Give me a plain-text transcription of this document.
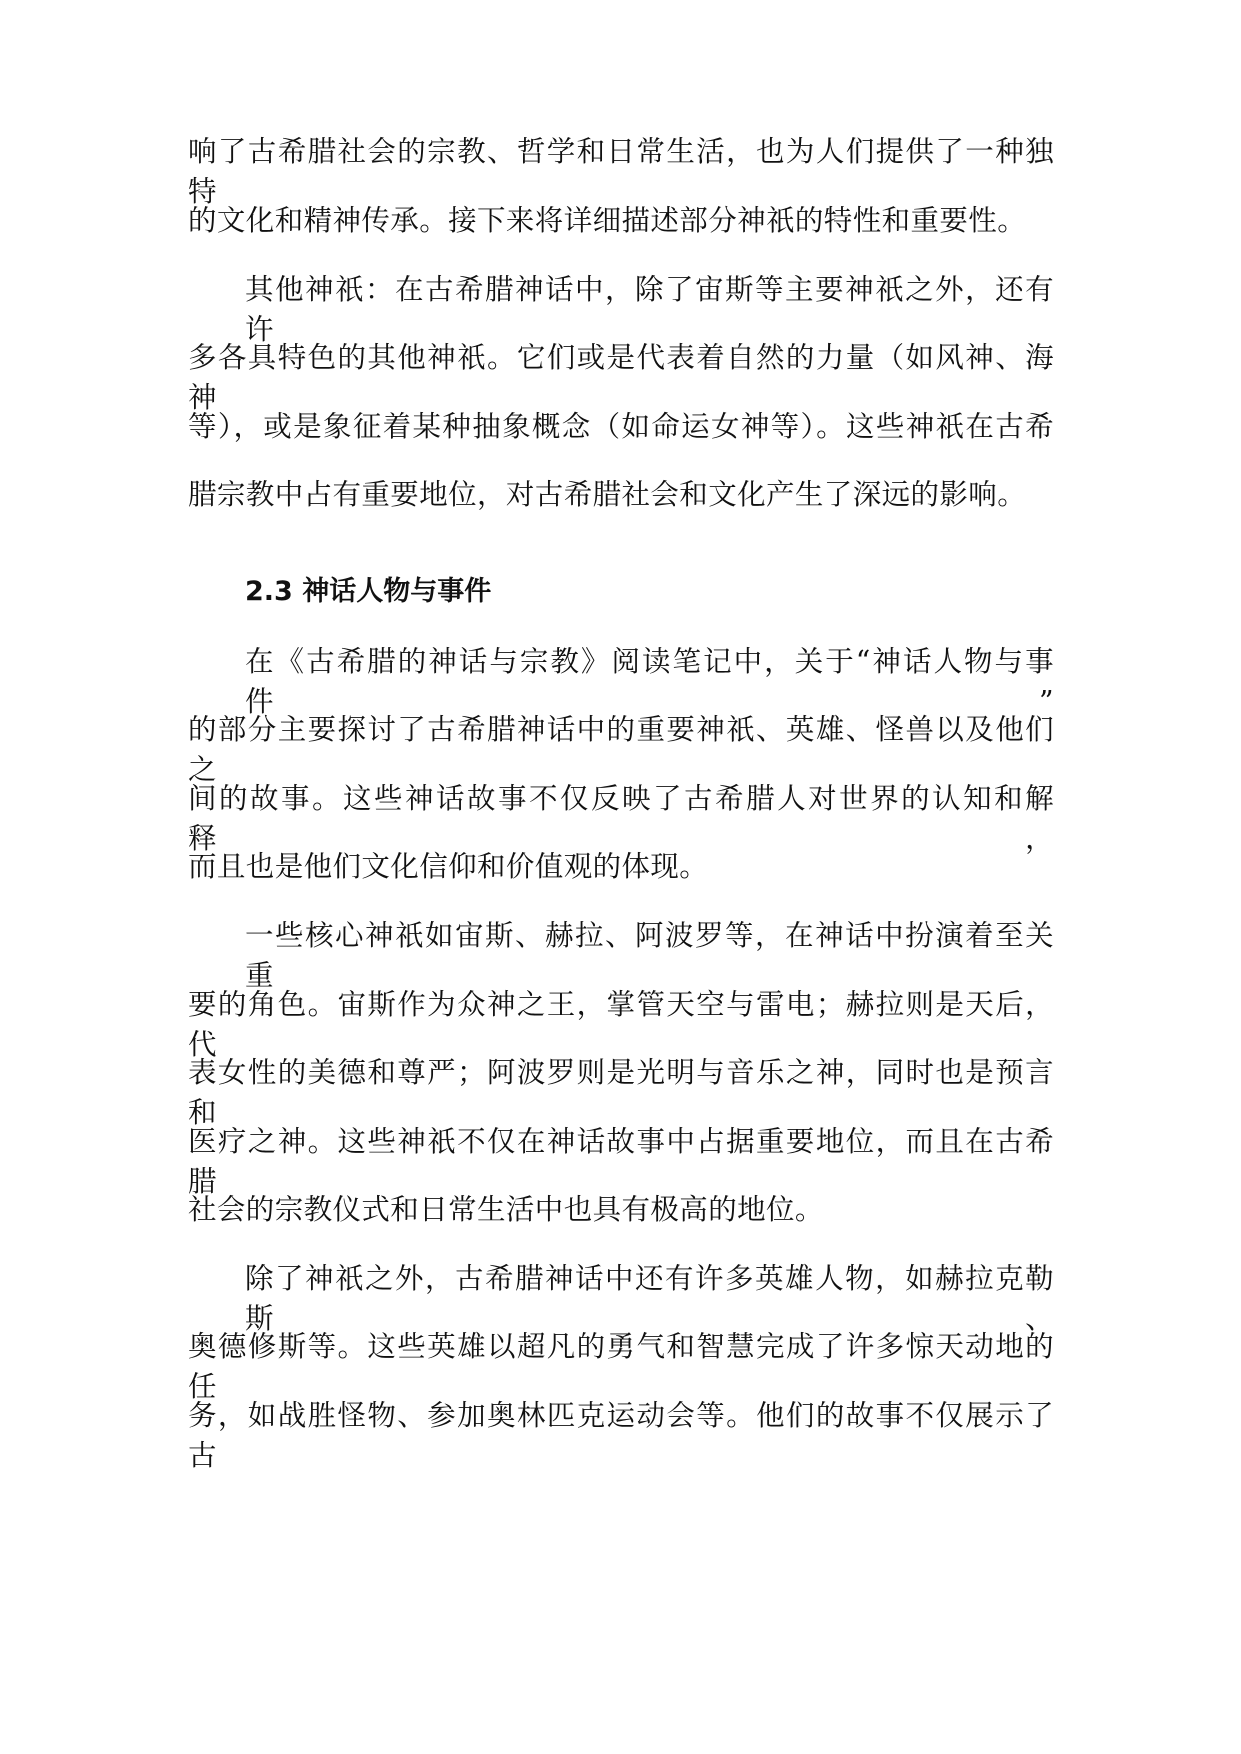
响了古希腊社会的宗教、哲学和日常生活，也为人们提供了一种独特
的文化和精神传承。接下来将详细描述部分神祇的特性和重要性。
其他神祇：在古希腊神话中，除了宙斯等主要神祇之外，还有许
多各具特色的其他神祇。它们或是代表着自然的力量（如风神、海神
等），或是象征着某种抽象概念（如命运女神等）。这些神祇在古希
腊宗教中占有重要地位，对古希腊社会和文化产生了深远的影响。
2.3 神话人物与事件
在《古希腊的神话与宗教》阅读笔记中，关于“神话人物与事件”
的部分主要探讨了古希腊神话中的重要神祇、英雄、怪兽以及他们之
间的故事。这些神话故事不仅反映了古希腊人对世界的认知和解释，
而且也是他们文化信仰和价值观的体现。
一些核心神祇如宙斯、赫拉、阿波罗等，在神话中扮演着至关重
要的角色。宙斯作为众神之王，掌管天空与雷电；赫拉则是天后，代
表女性的美德和尊严；阿波罗则是光明与音乐之神，同时也是预言和
医疗之神。这些神祇不仅在神话故事中占据重要地位，而且在古希腊
社会的宗教仪式和日常生活中也具有极高的地位。
除了神祇之外，古希腊神话中还有许多英雄人物，如赫拉克勒斯、
奥德修斯等。这些英雄以超凡的勇气和智慧完成了许多惊天动地的任
务，如战胜怪物、参加奥林匹克运动会等。他们的故事不仅展示了古
